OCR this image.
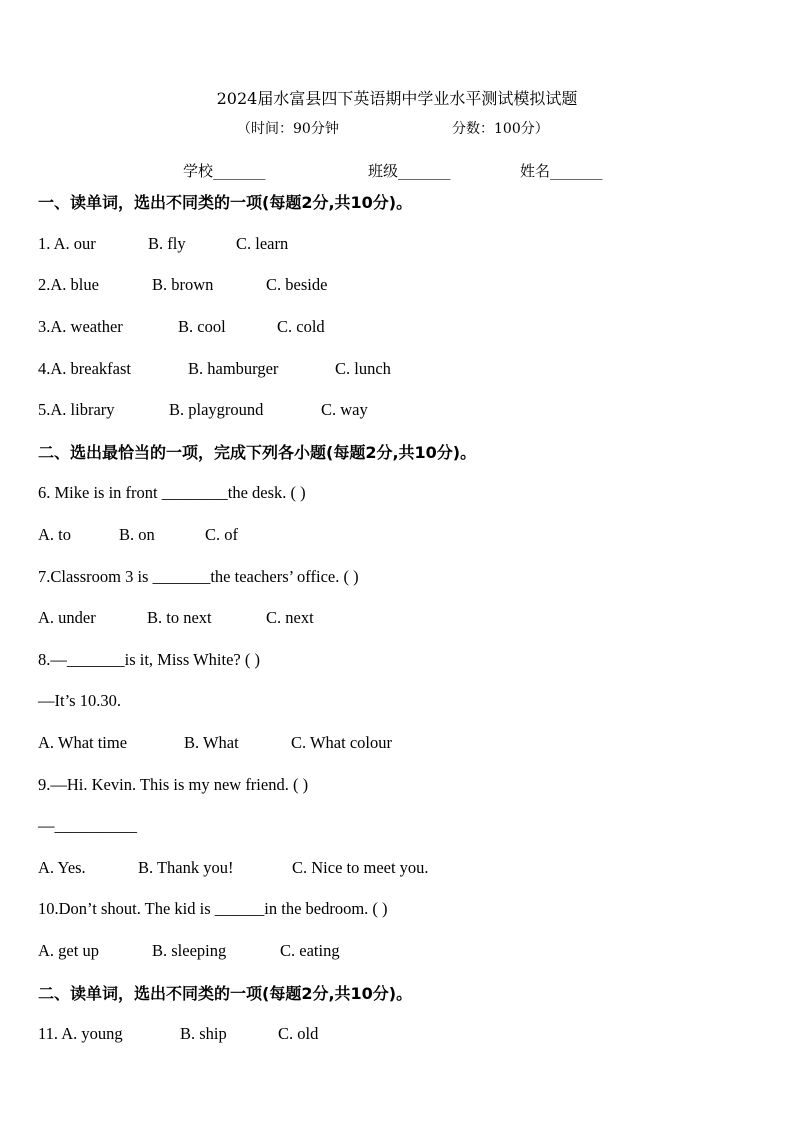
2024届水富县四下英语期中学业水平测试模拟试题
（时间：90分钟	分数：100分）
学校_______	班级_______	姓名_______
一、读单词，选出不同类的一项(每题2分,共10分)。
1. A. our	B. fly	C. learn
2.A. blue	B. brown	C. beside
3.A. weather	B. cool	C. cold
4.A. breakfast	B. hamburger	C. lunch
5.A. library	B. playground	C. way
二、选出最恰当的一项，完成下列各小题(每题2分,共10分)。
6. Mike is in front ________the desk. ( )
A. to	B. on	C. of
7.Classroom 3 is _______the teachers’ office. ( )
A. under	B. to next	C. next
8.—_______is it, Miss White? ( )
—It’s 10.30.
A. What time	B. What	C. What colour
9.—Hi. Kevin. This is my new friend. ( )
—__________
A. Yes.	B. Thank you!	C. Nice to meet you.
10.Don’t shout. The kid is ______in the bedroom. ( )
A. get up	B. sleeping	C. eating
二、读单词，选出不同类的一项(每题2分,共10分)。
11. A. young	B. ship	C. old
